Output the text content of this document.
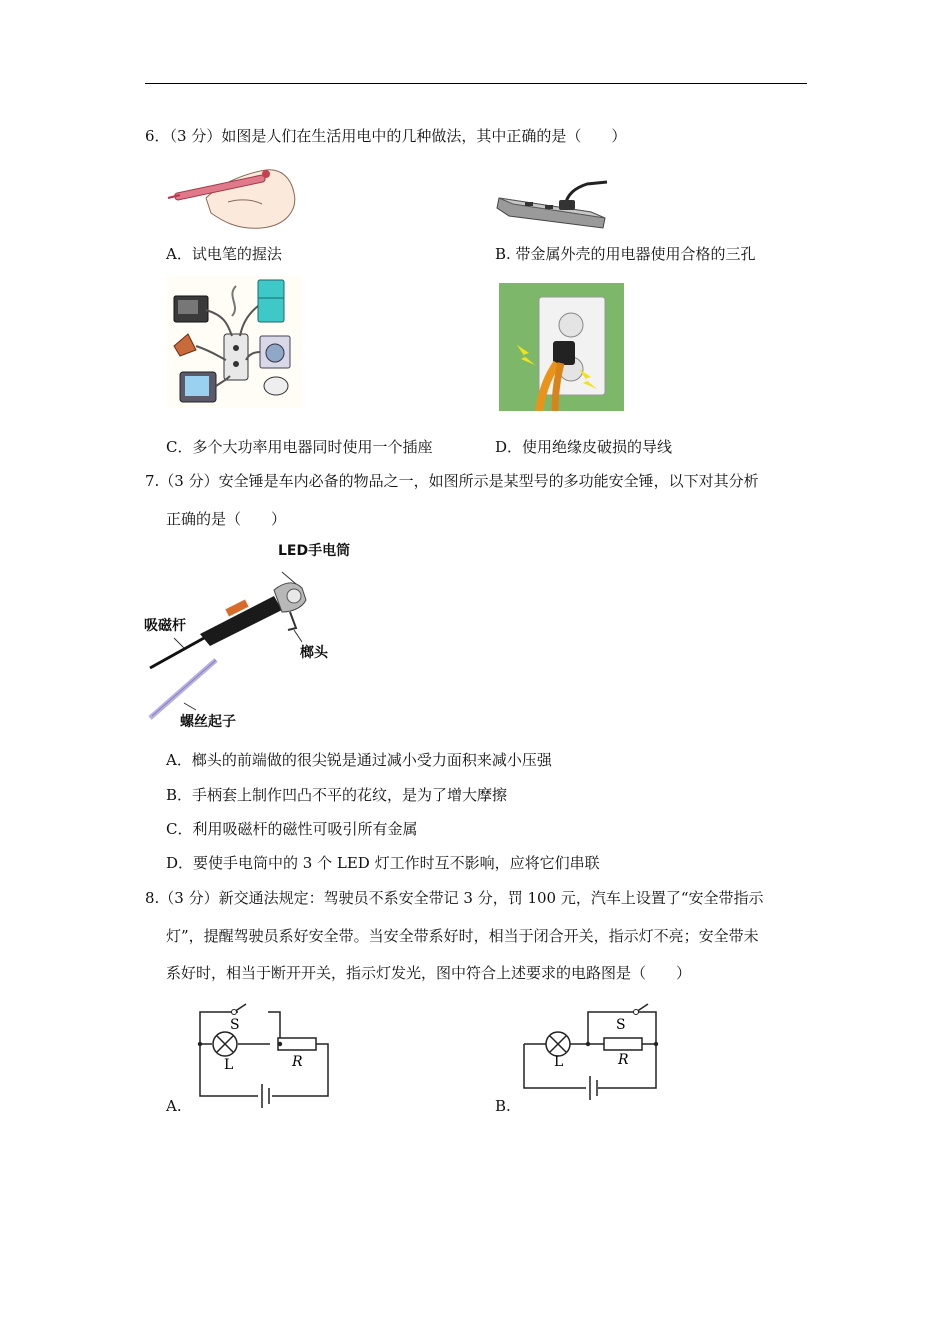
6．（3 分）如图是人们在生活用电中的几种做法，其中正确的是（　　）
A．试电笔的握法	B. 带金属外壳的用电器使用合格的三孔
C．多个大功率用电器同时使用一个插座	D．使用绝缘皮破损的导线
7.（3 分）安全锤是车内必备的物品之一，如图所示是某型号的多功能安全锤，以下对其分析
正确的是（　　）
LED手电筒
吸磁杆
榔头
螺丝起子
A．榔头的前端做的很尖锐是通过减小受力面积来减小压强
B．手柄套上制作凹凸不平的花纹，是为了增大摩擦
C．利用吸磁杆的磁性可吸引所有金属
D．要使手电筒中的 3 个 LED 灯工作时互不影响，应将它们串联
8.（3 分）新交通法规定：驾驶员不系安全带记 3 分，罚 100 元，汽车上设置了“安全带指示
灯”，提醒驾驶员系好安全带。当安全带系好时，相当于闭合开关，指示灯不亮；安全带未
系好时，相当于断开开关，指示灯发光，图中符合上述要求的电路图是（　　）
S
L	R
A.
S
L	R
B.
